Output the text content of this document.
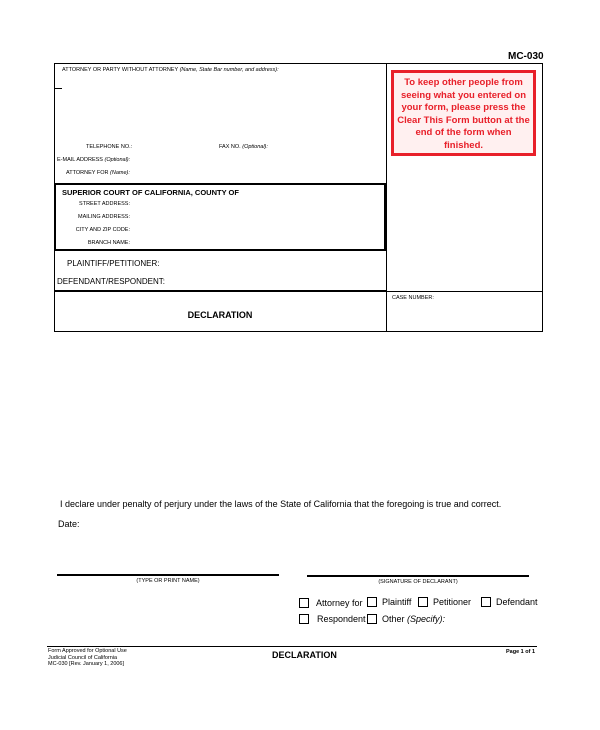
MC-030
ATTORNEY OR PARTY WITHOUT ATTORNEY (Name, State Bar number, and address):
TELEPHONE NO.:	FAX NO. (Optional):
E-MAIL ADDRESS (Optional):
ATTORNEY FOR (Name):
SUPERIOR COURT OF CALIFORNIA, COUNTY OF
STREET ADDRESS:
MAILING ADDRESS:
CITY AND ZIP CODE:
BRANCH NAME:
PLAINTIFF/PETITIONER:
DEFENDANT/RESPONDENT:
DECLARATION
CASE NUMBER:
To keep other people from seeing what you entered on your form, please press the Clear This Form button at the end of the form when finished.
I declare under penalty of perjury under the laws of the State of California that the foregoing is true and correct.
Date:
(TYPE OR PRINT NAME)	(SIGNATURE OF DECLARANT)
Attorney for Plaintiff Petitioner	Defendant
Respondent Other
(Specify):
Form Approved for Optional Use
Judicial Council of California
MC-030 [Rev. January 1, 2006]
DECLARATION	Page 1 of 1
